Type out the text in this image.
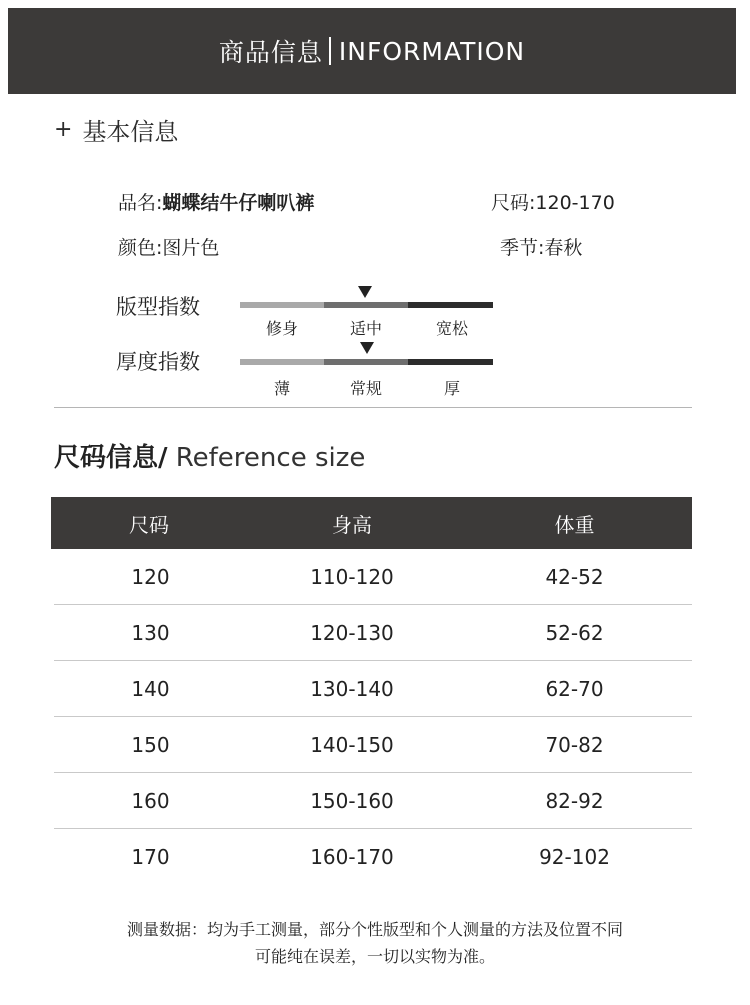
商品信息 INFORMATION
+ 基本信息
品名:蝴蝶结牛仔喇叭裤	尺码:120-170
颜色:图片色	季节:春秋
版型指数
修身	适中	宽松
厚度指数
薄	常规	厚
尺码信息/ Reference size
尺码	身高	体重
120	110-120	42-52
130	120-130	52-62
140	130-140	62-70
150	140-150	70-82
160	150-160	82-92
170	160-170	92-102
测量数据：均为手工测量，部分个性版型和个人测量的方法及位置不同
可能纯在误差，一切以实物为准。
